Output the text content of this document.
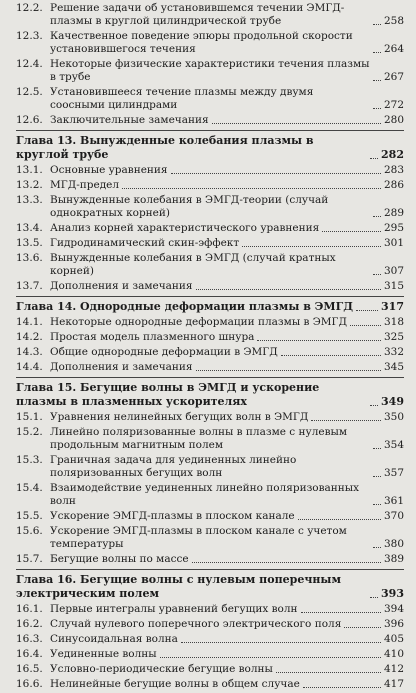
12.2. Решение задачи об установившемся течении ЭМГД-плазмы в круглой цилиндрической трубе	258
12.3. Качественное поведение эпюры продольной скорости установившегося течения	264
12.4. Некоторые физические характеристики течения плазмы в трубе	267
12.5. Установившееся течение плазмы между двумя соосными цилиндрами	272
12.6. Заключительные замечания	280
Глава 13. Вынужденные колебания плазмы в круглой трубе	282
13.1. Основные уравнения	283
13.2. МГД-предел	286
13.3. Вынужденные колебания в ЭМГД-теории (случай однократных корней)	289
13.4. Анализ корней характеристического уравнения	295
13.5. Гидродинамический скин-эффект	301
13.6. Вынужденные колебания в ЭМГД (случай кратных корней)	307
13.7. Дополнения и замечания	315
Глава 14. Однородные деформации плазмы в ЭМГД	317
14.1. Некоторые однородные деформации плазмы в ЭМГД	318
14.2. Простая модель плазменного шнура	325
14.3. Общие однородные деформации в ЭМГД	332
14.4. Дополнения и замечания	345
Глава 15. Бегущие волны в ЭМГД и ускорение плазмы в плазменных ускорителях	349
15.1. Уравнения нелинейных бегущих волн в ЭМГД	350
15.2. Линейно поляризованные волны в плазме с нулевым продольным магнитным полем	354
15.3. Граничная задача для уединенных линейно поляризованных бегущих волн	357
15.4. Взаимодействие уединенных линейно поляризованных волн	361
15.5. Ускорение ЭМГД-плазмы в плоском канале	370
15.6. Ускорение ЭМГД-плазмы в плоском канале с учетом температуры	380
15.7. Бегущие волны по массе	389
Глава 16. Бегущие волны с нулевым поперечным электрическим полем	393
16.1. Первые интегралы уравнений бегущих волн	394
16.2. Случай нулевого поперечного электрического поля	396
16.3. Синусоидальная волна	405
16.4. Уединенные волны	410
16.5. Условно-периодические бегущие волны	412
16.6. Нелинейные бегущие волны в общем случае	417
